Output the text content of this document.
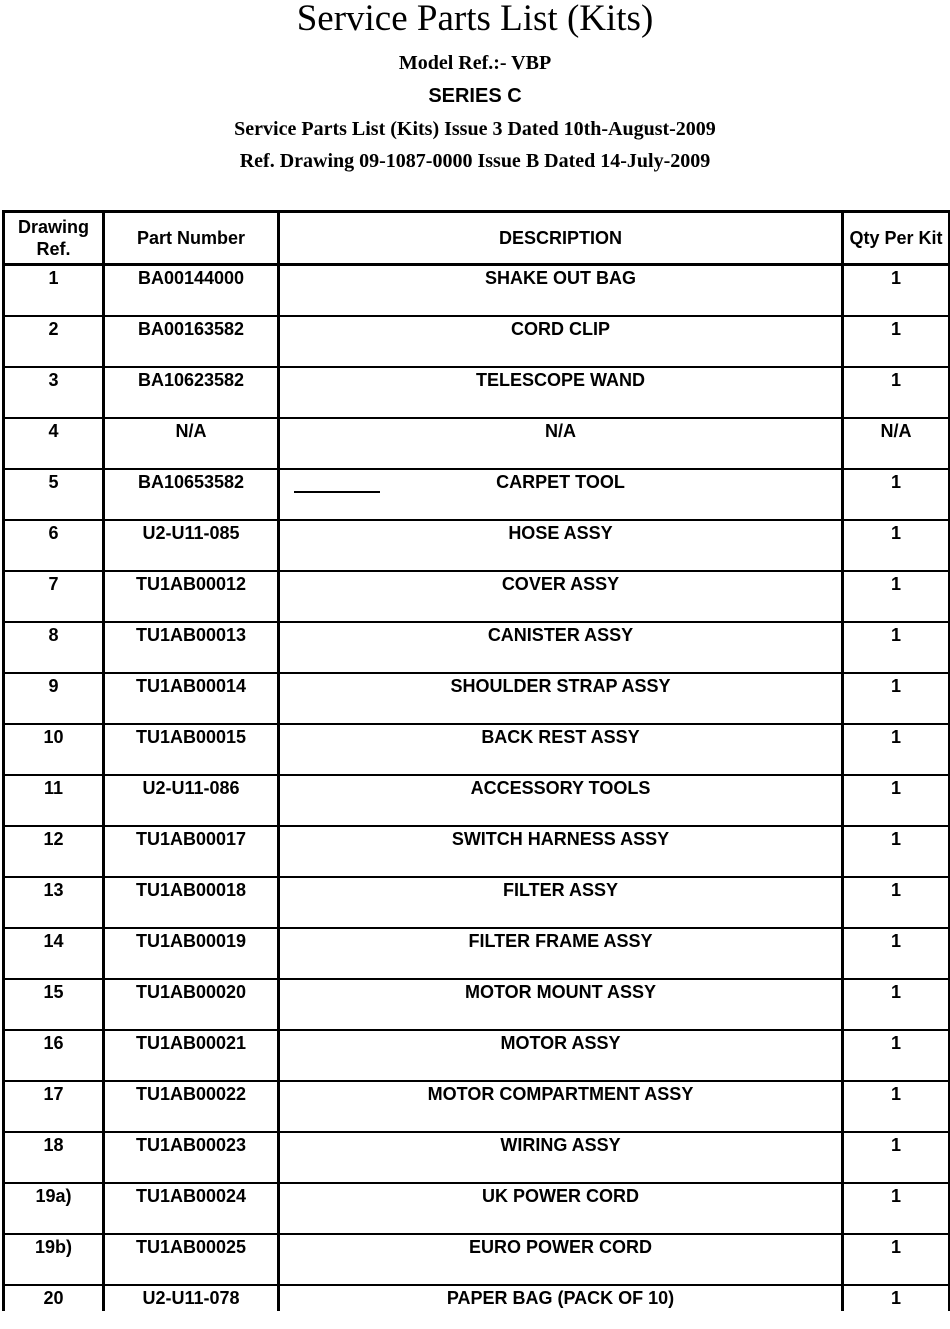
Service Parts List (Kits)
Model Ref.:- VBP
SERIES C
Service Parts List (Kits) Issue 3 Dated 10th-August-2009
Ref. Drawing 09-1087-0000 Issue B Dated 14-July-2009
Drawing Ref.	Part Number	DESCRIPTION	Qty Per Kit
1	BA00144000	SHAKE OUT BAG	1

2	BA00163582	CORD CLIP	1

3	BA10623582	TELESCOPE WAND	1

4	N/A	N/A	N/A

5	BA10653582	CARPET TOOL	1

6	U2-U11-085	HOSE ASSY	1

7	TU1AB00012	COVER ASSY	1

8	TU1AB00013	CANISTER ASSY	1

9	TU1AB00014	SHOULDER STRAP ASSY	1

10	TU1AB00015	BACK REST ASSY	1

11	U2-U11-086	ACCESSORY TOOLS	1

12	TU1AB00017	SWITCH HARNESS ASSY	1

13	TU1AB00018	FILTER ASSY	1

14	TU1AB00019	FILTER FRAME ASSY	1

15	TU1AB00020	MOTOR MOUNT ASSY	1

16	TU1AB00021	MOTOR ASSY	1

17	TU1AB00022	MOTOR COMPARTMENT ASSY	1

18	TU1AB00023	WIRING ASSY	1

19a)	TU1AB00024	UK POWER CORD	1

19b)	TU1AB00025	EURO POWER CORD	1

20	U2-U11-078	PAPER BAG (PACK OF 10)	1
